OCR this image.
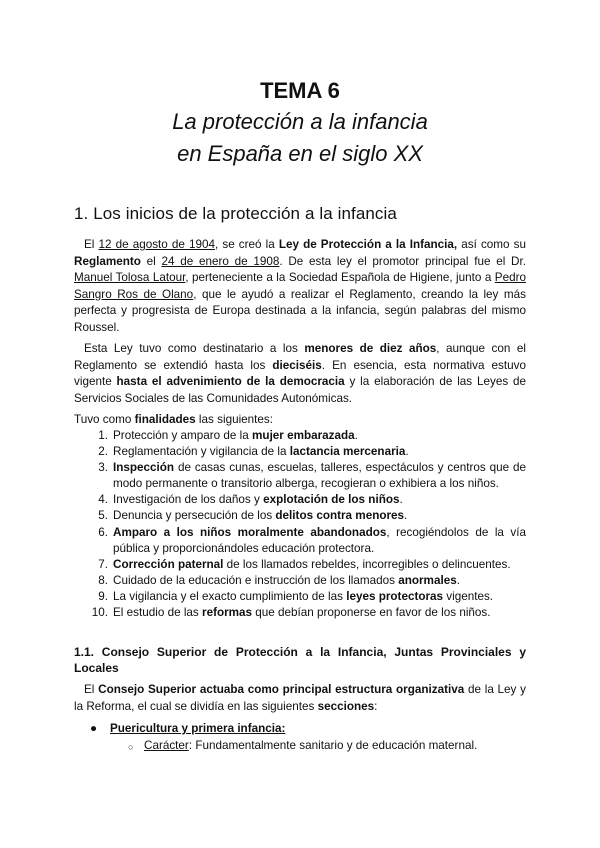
TEMA 6
La protección a la infancia
en España en el siglo XX
1. Los inicios de la protección a la infancia

El 12 de agosto de 1904, se creó la Ley de Protección a la Infancia, así como su Reglamento el 24 de enero de 1908. De esta ley el promotor principal fue el Dr. Manuel Tolosa Latour, perteneciente a la Sociedad Española de Higiene, junto a Pedro Sangro Ros de Olano, que le ayudó a realizar el Reglamento, creando la ley más perfecta y progresista de Europa destinada a la infancia, según palabras del mismo Roussel.

Esta Ley tuvo como destinatario a los menores de diez años, aunque con el Reglamento se extendió hasta los dieciséis. En esencia, esta normativa estuvo vigente hasta el advenimiento de la democracia y la elaboración de las Leyes de Servicios Sociales de las Comunidades Autonómicas.

Tuvo como finalidades las siguientes:
1. Protección y amparo de la mujer embarazada.
2. Reglamentación y vigilancia de la lactancia mercenaria.
3. Inspección de casas cunas, escuelas, talleres, espectáculos y centros que de modo permanente o transitorio alberga, recogieran o exhibiera a los niños.
4. Investigación de los daños y explotación de los niños.
5. Denuncia y persecución de los delitos contra menores.
6. Amparo a los niños moralmente abandonados, recogiéndolos de la vía pública y proporcionándoles educación protectora.
7. Corrección paternal de los llamados rebeldes, incorregibles o delincuentes.
8. Cuidado de la educación e instrucción de los llamados anormales.
9. La vigilancia y el exacto cumplimiento de las leyes protectoras vigentes.
10. El estudio de las reformas que debían proponerse en favor de los niños.
1.1. Consejo Superior de Protección a la Infancia, Juntas Provinciales y Locales

El Consejo Superior actuaba como principal estructura organizativa de la Ley y la Reforma, el cual se dividía en las siguientes secciones:

●	Puericultura y primera infancia:
○ Carácter: Fundamentalmente sanitario y de educación maternal.
